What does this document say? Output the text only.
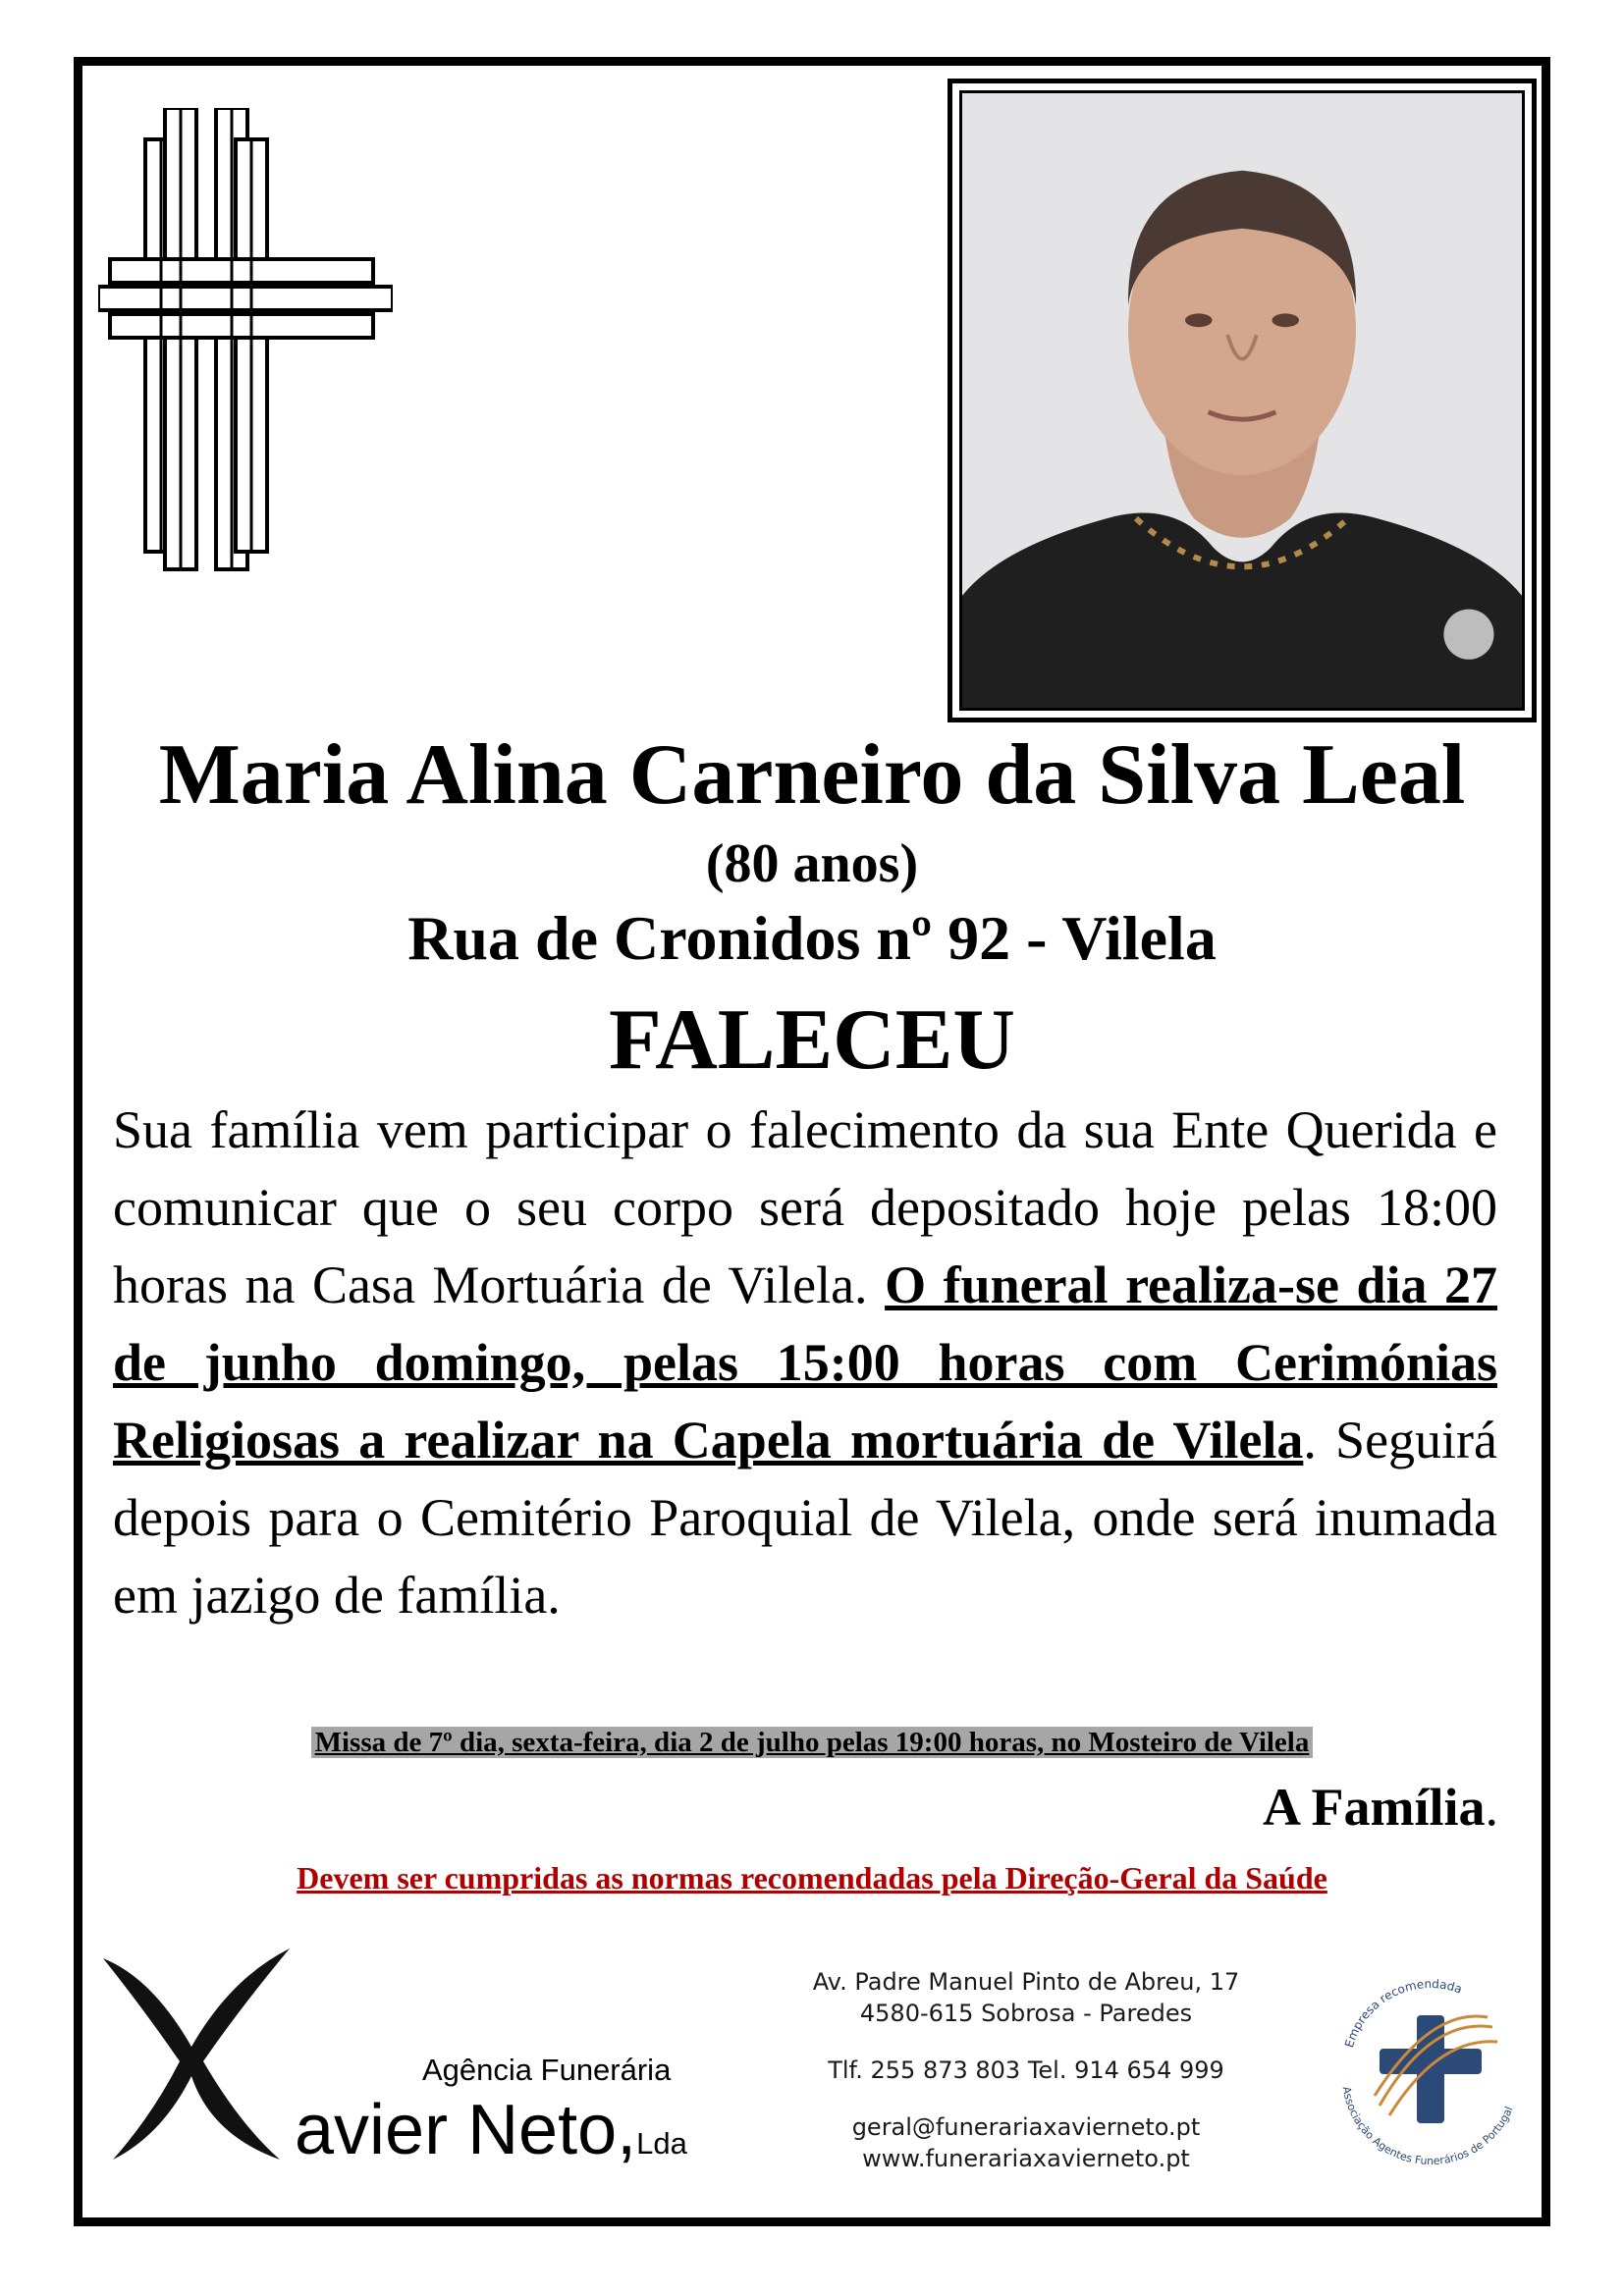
Maria Alina Carneiro da Silva Leal
(80 anos)
Rua de Cronidos nº 92 - Vilela
FALECEU
Sua família vem participar o falecimento da sua Ente Querida e comunicar que o seu corpo será depositado hoje pelas 18:00 horas na Casa Mortuária de Vilela. O funeral realiza-se dia 27 de junho domingo, pelas 15:00 horas com Cerimónias Religiosas a realizar na Capela mortuária de Vilela. Seguirá depois para o Cemitério Paroquial de Vilela, onde será inumada em jazigo de família.
Missa de 7º dia, sexta-feira, dia 2 de julho pelas 19:00 horas, no Mosteiro de Vilela
A Família.
Devem ser cumpridas as normas recomendadas pela Direção-Geral da Saúde
Agência Funerária
avier Neto,Lda
Av. Padre Manuel Pinto de Abreu, 17
4580-615 Sobrosa - Paredes
Tlf. 255 873 803 Tel. 914 654 999
geral@funerariaxavierneto.pt
www.funerariaxavierneto.pt
Empresa recomendada
Associação Agentes Funerários de Portugal
